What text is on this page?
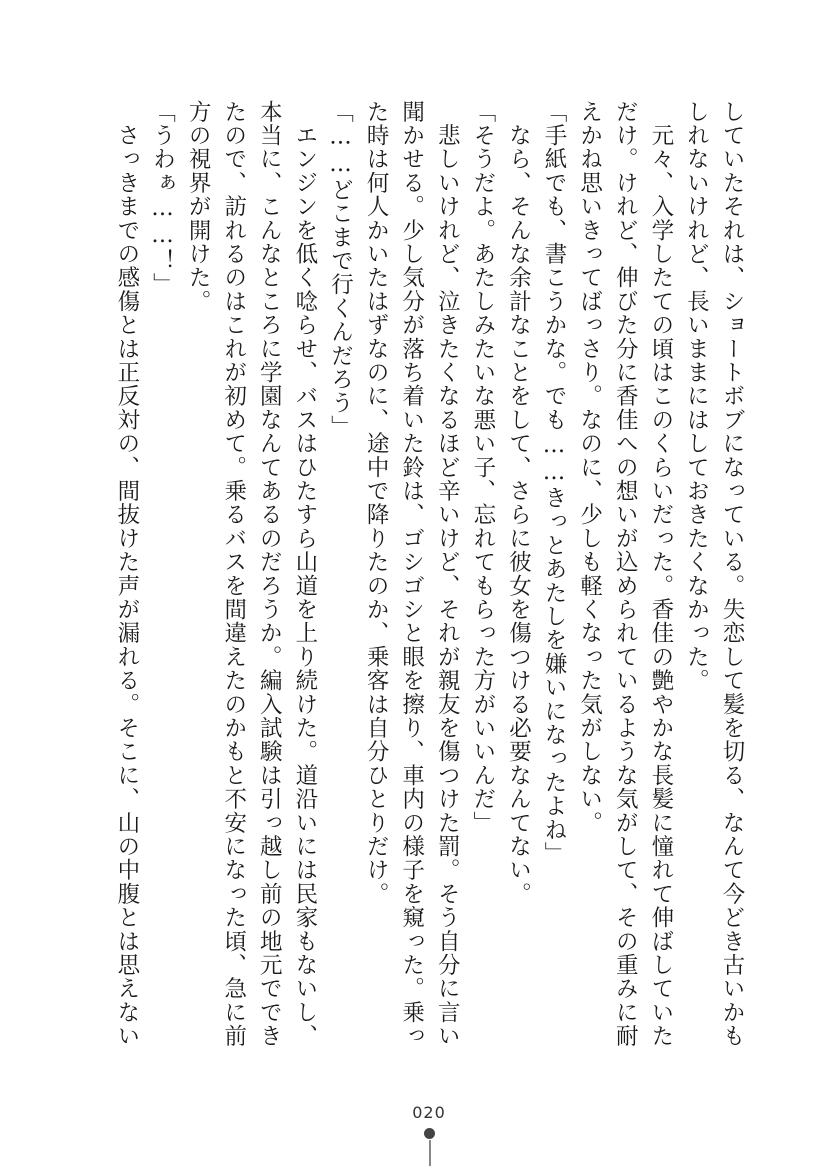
していたそれは、ショートボブになっている。失恋して髪を切る、なんて今どき古いかも

しれないけれど、長いままにはしておきたくなかった。

　元々、入学したての頃はこのくらいだった。香佳の艶やかな長髪に憧れて伸ばしていた

だけ。けれど、伸びた分に香佳への想いが込められているような気がして、その重みに耐

えかね思いきってばっさり。なのに、少しも軽くなった気がしない。

「手紙でも、書こうかな。でも……きっとあたしを嫌いになったよね」

　なら、そんな余計なことをして、さらに彼女を傷つける必要なんてない。

「そうだよ。あたしみたいな悪い子、忘れてもらった方がいいんだ」

　悲しいけれど、泣きたくなるほど辛いけど、それが親友を傷つけた罰。そう自分に言い

聞かせる。少し気分が落ち着いた鈴は、ゴシゴシと眼を擦り、車内の様子を窺った。乗っ

た時は何人かいたはずなのに、途中で降りたのか、乗客は自分ひとりだけ。

「……どこまで行くんだろう」

　エンジンを低く唸らせ、バスはひたすら山道を上り続けた。道沿いには民家もないし、

本当に、こんなところに学園なんてあるのだろうか。編入試験は引っ越し前の地元ででき

たので、訪れるのはこれが初めて。乗るバスを間違えたのかもと不安になった頃、急に前

方の視界が開けた。

「うわぁ……！」

　さっきまでの感傷とは正反対の、間抜けた声が漏れる。そこに、山の中腹とは思えない

020
